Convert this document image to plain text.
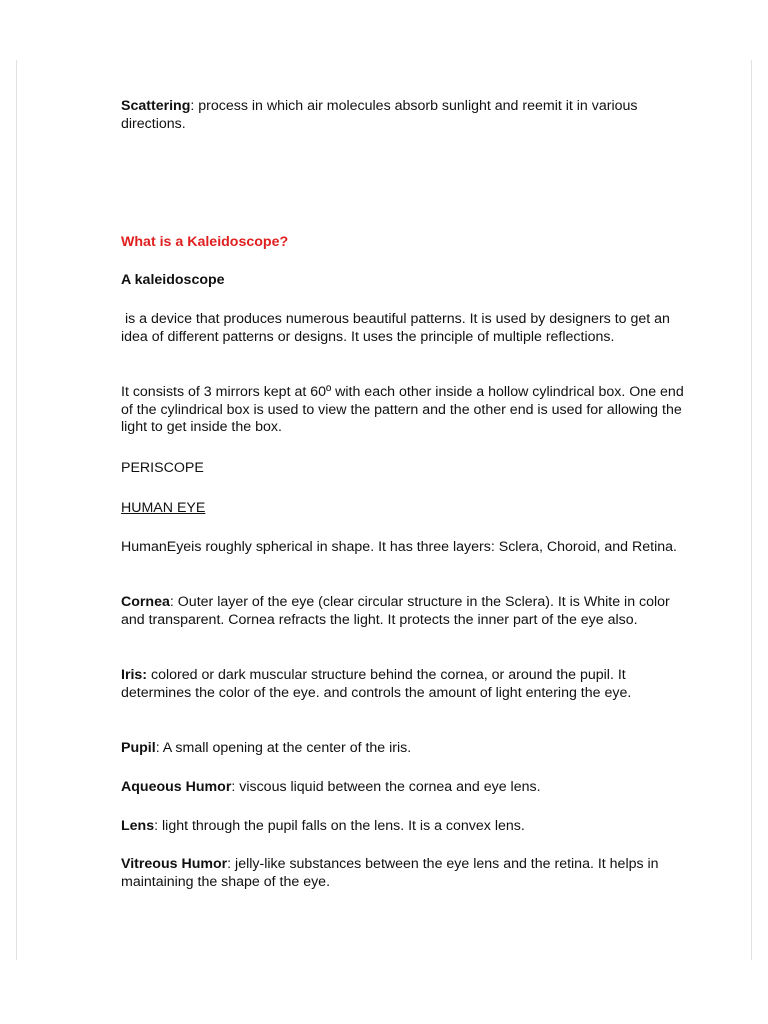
Scattering: process in which air molecules absorb sunlight and reemit it in various directions.

What is a Kaleidoscope?

A kaleidoscope

is a device that produces numerous beautiful patterns. It is used by designers to get an idea of different patterns or designs. It uses the principle of multiple reflections.

It consists of 3 mirrors kept at 60º with each other inside a hollow cylindrical box. One end of the cylindrical box is used to view the pattern and the other end is used for allowing the light to get inside the box.

PERISCOPE

HUMAN EYE

HumanEyeis roughly spherical in shape. It has three layers: Sclera, Choroid, and Retina.

Cornea: Outer layer of the eye (clear circular structure in the Sclera). It is White in color and transparent. Cornea refracts the light. It protects the inner part of the eye also.

Iris: colored or dark muscular structure behind the cornea, or around the pupil. It determines the color of the eye. and controls the amount of light entering the eye.

Pupil: A small opening at the center of the iris.

Aqueous Humor: viscous liquid between the cornea and eye lens.

Lens: light through the pupil falls on the lens. It is a convex lens.

Vitreous Humor: jelly-like substances between the eye lens and the retina. It helps in maintaining the shape of the eye.
